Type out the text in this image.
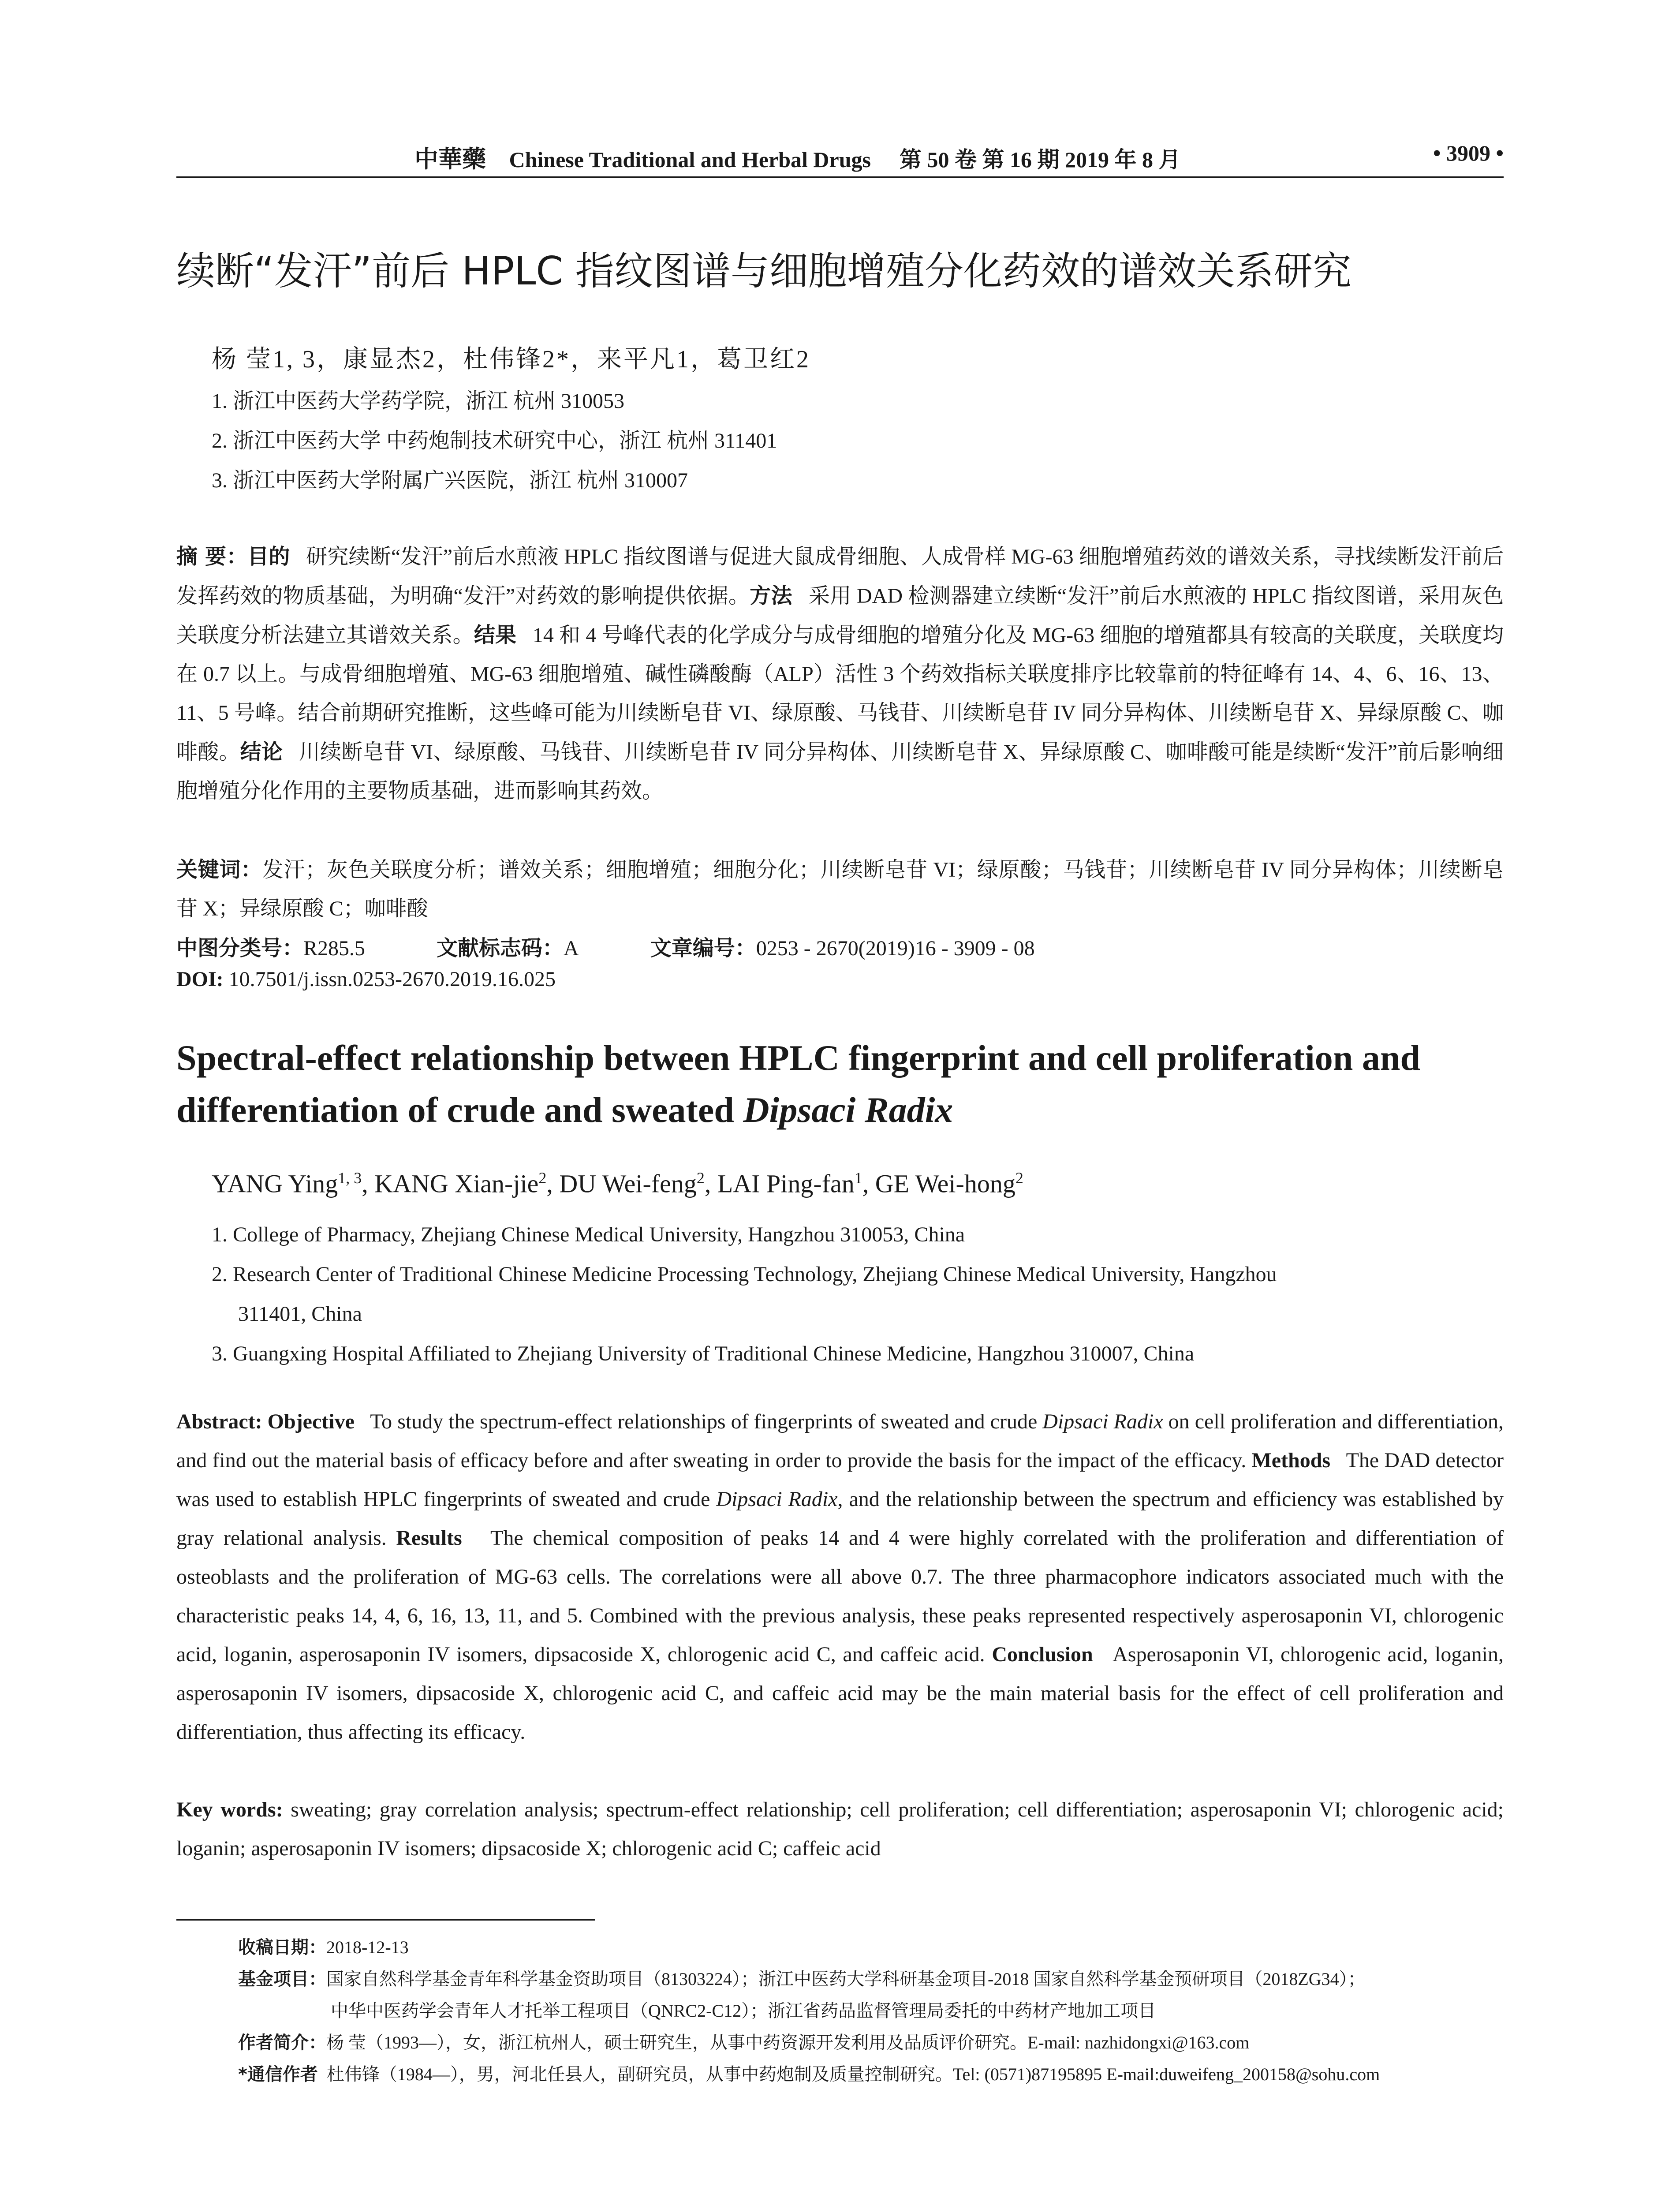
中華藥 Chinese Traditional and Herbal Drugs 第 50 卷 第 16 期 2019 年 8 月	• 3909 •
续断“发汗”前后 HPLC 指纹图谱与细胞增殖分化药效的谱效关系研究
杨 莹1, 3，康显杰2，杜伟锋2*，来平凡1，葛卫红2
1. 浙江中医药大学药学院，浙江 杭州 310053
2. 浙江中医药大学 中药炮制技术研究中心，浙江 杭州 311401
3. 浙江中医药大学附属广兴医院，浙江 杭州 310007
摘 要：目的 研究续断“发汗”前后水煎液 HPLC 指纹图谱与促进大鼠成骨细胞、人成骨样 MG-63 细胞增殖药效的谱效关系，寻找续断发汗前后发挥药效的物质基础，为明确“发汗”对药效的影响提供依据。方法 采用 DAD 检测器建立续断“发汗”前后水煎液的 HPLC 指纹图谱，采用灰色关联度分析法建立其谱效关系。结果 14 和 4 号峰代表的化学成分与成骨细胞的增殖分化及 MG-63 细胞的增殖都具有较高的关联度，关联度均在 0.7 以上。与成骨细胞增殖、MG-63 细胞增殖、碱性磷酸酶（ALP）活性 3 个药效指标关联度排序比较靠前的特征峰有 14、4、6、16、13、11、5 号峰。结合前期研究推断，这些峰可能为川续断皂苷 VI、绿原酸、马钱苷、川续断皂苷 IV 同分异构体、川续断皂苷 X、异绿原酸 C、咖啡酸。结论 川续断皂苷 VI、绿原酸、马钱苷、川续断皂苷 IV 同分异构体、川续断皂苷 X、异绿原酸 C、咖啡酸可能是续断“发汗”前后影响细胞增殖分化作用的主要物质基础，进而影响其药效。
关键词：发汗；灰色关联度分析；谱效关系；细胞增殖；细胞分化；川续断皂苷 VI；绿原酸；马钱苷；川续断皂苷 IV 同分异构体；川续断皂苷 X；异绿原酸 C；咖啡酸
中图分类号：R285.5	文献标志码：A	文章编号：0253 - 2670(2019)16 - 3909 - 08
DOI: 10.7501/j.issn.0253-2670.2019.16.025
Spectral-effect relationship between HPLC fingerprint and cell proliferation and differentiation of crude and sweated Dipsaci Radix
YANG Ying$^{1, 3}$, KANG Xian-jie$^2$, DU Wei-feng$^2$, LAI Ping-fan$^1$, GE Wei-hong$^2$
1. College of Pharmacy, Zhejiang Chinese Medical University, Hangzhou 310053, China
2. Research Center of Traditional Chinese Medicine Processing Technology, Zhejiang Chinese Medical University, Hangzhou
311401, China
3. Guangxing Hospital Affiliated to Zhejiang University of Traditional Chinese Medicine, Hangzhou 310007, China
Abstract: Objective To study the spectrum-effect relationships of fingerprints of sweated and crude Dipsaci Radix on cell proliferation and differentiation, and find out the material basis of efficacy before and after sweating in order to provide the basis for the impact of the efficacy. Methods The DAD detector was used to establish HPLC fingerprints of sweated and crude Dipsaci Radix, and the relationship between the spectrum and efficiency was established by gray relational analysis. Results The chemical composition of peaks 14 and 4 were highly correlated with the proliferation and differentiation of osteoblasts and the proliferation of MG-63 cells. The correlations were all above 0.7. The three pharmacophore indicators associated much with the characteristic peaks 14, 4, 6, 16, 13, 11, and 5. Combined with the previous analysis, these peaks represented respectively asperosaponin VI, chlorogenic acid, loganin, asperosaponin IV isomers, dipsacoside X, chlorogenic acid C, and caffeic acid. Conclusion Asperosaponin VI, chlorogenic acid, loganin, asperosaponin IV isomers, dipsacoside X, chlorogenic acid C, and caffeic acid may be the main material basis for the effect of cell proliferation and differentiation, thus affecting its efficacy.
Key words: sweating; gray correlation analysis; spectrum-effect relationship; cell proliferation; cell differentiation; asperosaponin VI; chlorogenic acid; loganin; asperosaponin IV isomers; dipsacoside X; chlorogenic acid C; caffeic acid
收稿日期：2018-12-13
基金项目：国家自然科学基金青年科学基金资助项目（81303224）；浙江中医药大学科研基金项目-2018 国家自然科学基金预研项目（2018ZG34）；
中华中医药学会青年人才托举工程项目（QNRC2-C12）；浙江省药品监督管理局委托的中药材产地加工项目
作者简介：杨 莹（1993—），女，浙江杭州人，硕士研究生，从事中药资源开发利用及品质评价研究。E-mail: nazhidongxi@163.com
*通信作者 杜伟锋（1984—），男，河北任县人，副研究员，从事中药炮制及质量控制研究。Tel: (0571)87195895 E-mail:duweifeng_200158@sohu.com
